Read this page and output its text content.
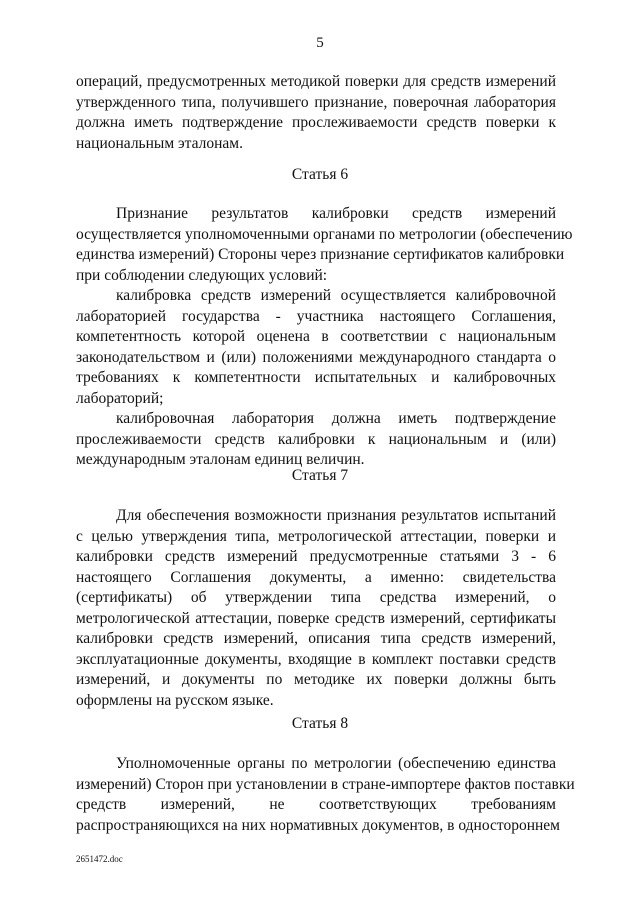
5
операций, предусмотренных методикой поверки для средств измерений
утвержденного типа, получившего признание, поверочная лаборатория
должна иметь подтверждение прослеживаемости средств поверки к
национальным эталонам.
Статья 6
Признание результатов калибровки средств измерений
осуществляется уполномоченными органами по метрологии (обеспечению
единства измерений) Стороны через признание сертификатов калибровки
при соблюдении следующих условий:
калибровка средств измерений осуществляется калибровочной
лабораторией государства - участника настоящего Соглашения,
компетентность которой оценена в соответствии с национальным
законодательством и (или) положениями международного стандарта о
требованиях к компетентности испытательных и калибровочных
лабораторий;
калибровочная лаборатория должна иметь подтверждение
прослеживаемости средств калибровки к национальным и (или)
международным эталонам единиц величин.
Статья 7
Для обеспечения возможности признания результатов испытаний
с целью утверждения типа, метрологической аттестации, поверки и
калибровки средств измерений предусмотренные статьями 3 - 6
настоящего Соглашения документы, а именно: свидетельства
(сертификаты) об утверждении типа средства измерений, о
метрологической аттестации, поверке средств измерений, сертификаты
калибровки средств измерений, описания типа средств измерений,
эксплуатационные документы, входящие в комплект поставки средств
измерений, и документы по методике их поверки должны быть
оформлены на русском языке.
Статья 8
Уполномоченные органы по метрологии (обеспечению единства
измерений) Сторон при установлении в стране-импортере фактов поставки
средств измерений, не соответствующих требованиям
распространяющихся на них нормативных документов, в одностороннем
2651472.doc
